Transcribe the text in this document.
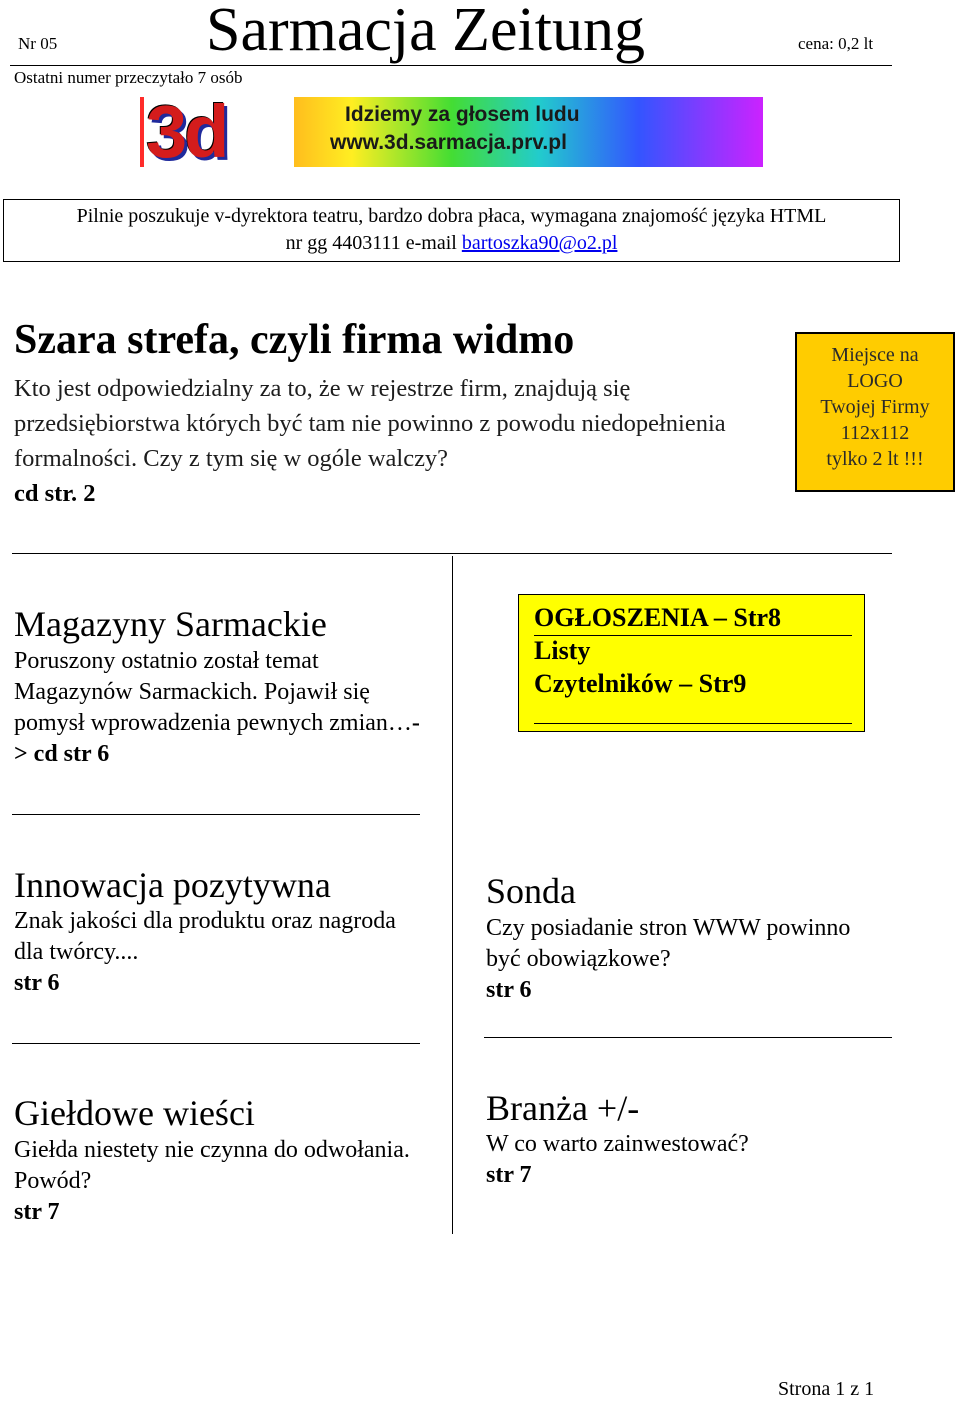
Nr 05 Sarmacja Zeitung	cena: 0,2 lt
Ostatni numer przeczytało 7 osób
3d	Idziemy za głosem ludu
www.3d.sarmacja.prv.pl
Pilnie poszukuje v-dyrektora teatru, bardzo dobra płaca, wymagana znajomość języka HTML
nr gg 4403111 e-mail bartoszka90@o2.pl
Szara strefa, czyli firma widmo
Kto jest odpowiedzialny za to, że w rejestrze firm, znajdują się przedsiębiorstwa których być tam nie powinno z powodu niedopełnienia formalności. Czy z tym się w ogóle walczy?
cd str. 2
Miejsce na
LOGO
Twojej Firmy
112x112
tylko 2 lt !!!
Magazyny Sarmackie
Poruszony ostatnio został temat Magazynów Sarmackich. Pojawił się pomysł wprowadzenia pewnych zmian…-> cd str 6
OGŁOSZENIA – Str8
Listy
Czytelników – Str9
Innowacja pozytywna
Znak jakości dla produktu oraz nagroda dla twórcy....
str 6
Sonda
Czy posiadanie stron WWW powinno być obowiązkowe?
str 6
Giełdowe wieści
Giełda niestety nie czynna do odwołania. Powód?
str 7
Branża +/-
W co warto zainwestować?
str 7
Strona 1 z 1
